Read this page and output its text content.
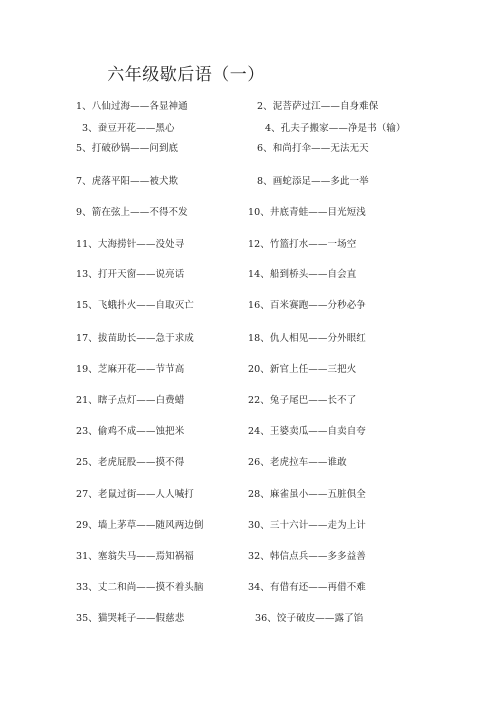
六年级歇后语（一）
1、八仙过海——各显神通	2、泥菩萨过江——自身难保
3、蚕豆开花——黑心	4、孔夫子搬家——净是书（输）
5、打破砂锅——问到底	6、和尚打伞——无法无天
7、虎落平阳——被犬欺	8、画蛇添足——多此一举
9、箭在弦上——不得不发	10、井底青蛙——目光短浅
11、大海捞针——没处寻	12、竹篮打水——一场空
13、打开天窗——说亮话	14、船到桥头——自会直
15、飞蛾扑火——自取灭亡	16、百米赛跑——分秒必争
17、拔苗助长——急于求成	18、仇人相见——分外眼红
19、芝麻开花——节节高	20、新官上任——三把火
21、瞎子点灯——白费蜡	22、兔子尾巴——长不了
23、偷鸡不成——蚀把米	24、王婆卖瓜——自卖自夸
25、老虎屁股——摸不得	26、老虎拉车——谁敢
27、老鼠过街——人人喊打	28、麻雀虽小——五脏俱全
29、墙上茅草——随风两边倒	30、三十六计——走为上计
31、塞翁失马——焉知祸福	32、韩信点兵——多多益善
33、丈二和尚——摸不着头脑	34、有借有还——再借不难
35、猫哭耗子——假慈悲	36、饺子破皮——露了馅
